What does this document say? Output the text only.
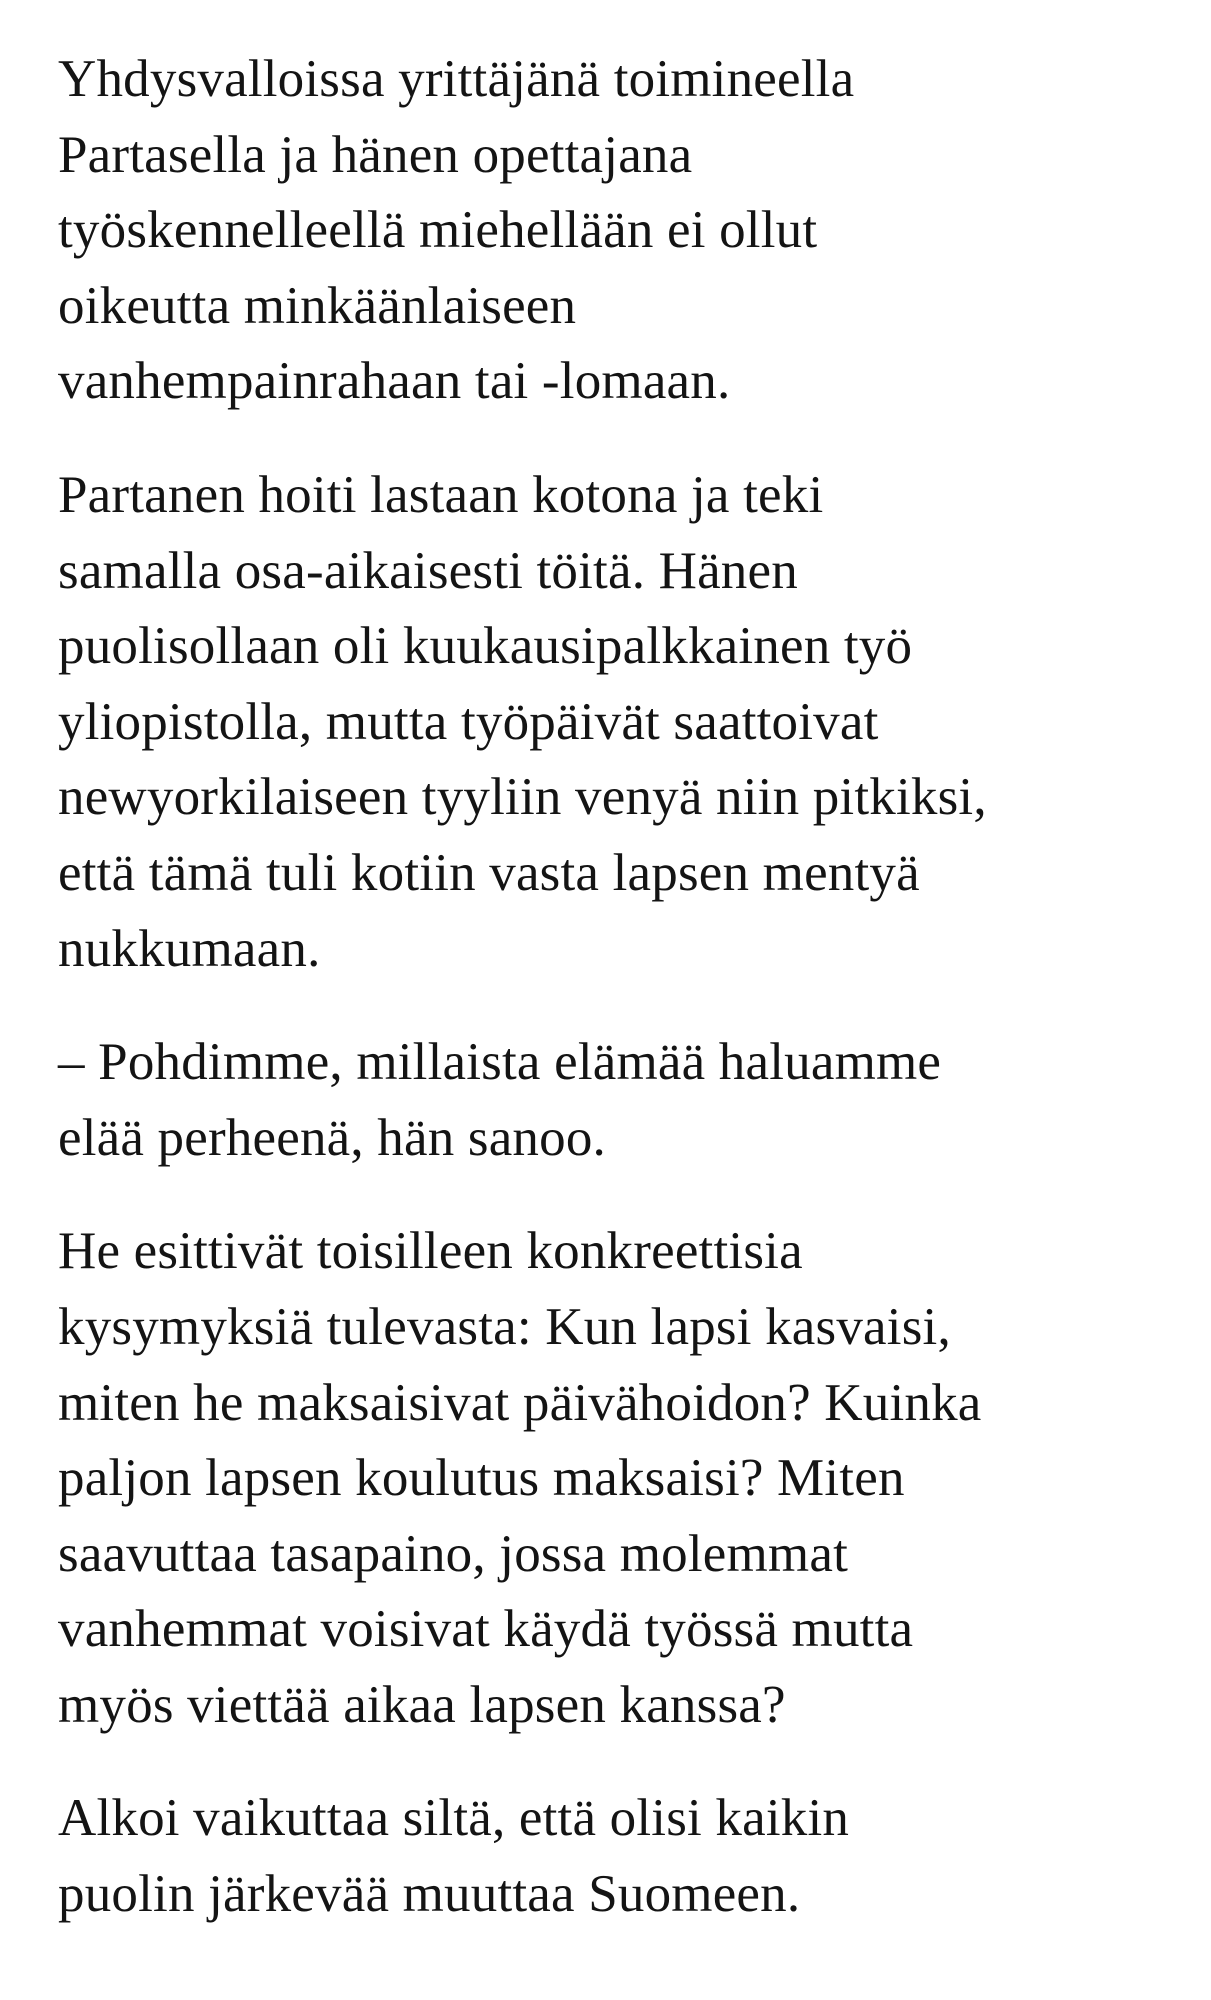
Yhdysvalloissa yrittäjänä toimineella
Partasella ja hänen opettajana
työskennelleellä miehellään ei ollut
oikeutta minkäänlaiseen
vanhempainrahaan tai -lomaan.

Partanen hoiti lastaan kotona ja teki
samalla osa-aikaisesti töitä. Hänen
puolisollaan oli kuukausipalkkainen työ
yliopistolla, mutta työpäivät saattoivat
newyorkilaiseen tyyliin venyä niin pitkiksi,
että tämä tuli kotiin vasta lapsen mentyä
nukkumaan.

– Pohdimme, millaista elämää haluamme
elää perheenä, hän sanoo.

He esittivät toisilleen konkreettisia
kysymyksiä tulevasta: Kun lapsi kasvaisi,
miten he maksaisivat päivähoidon? Kuinka
paljon lapsen koulutus maksaisi? Miten
saavuttaa tasapaino, jossa molemmat
vanhemmat voisivat käydä työssä mutta
myös viettää aikaa lapsen kanssa?

Alkoi vaikuttaa siltä, että olisi kaikin
puolin järkevää muuttaa Suomeen.
